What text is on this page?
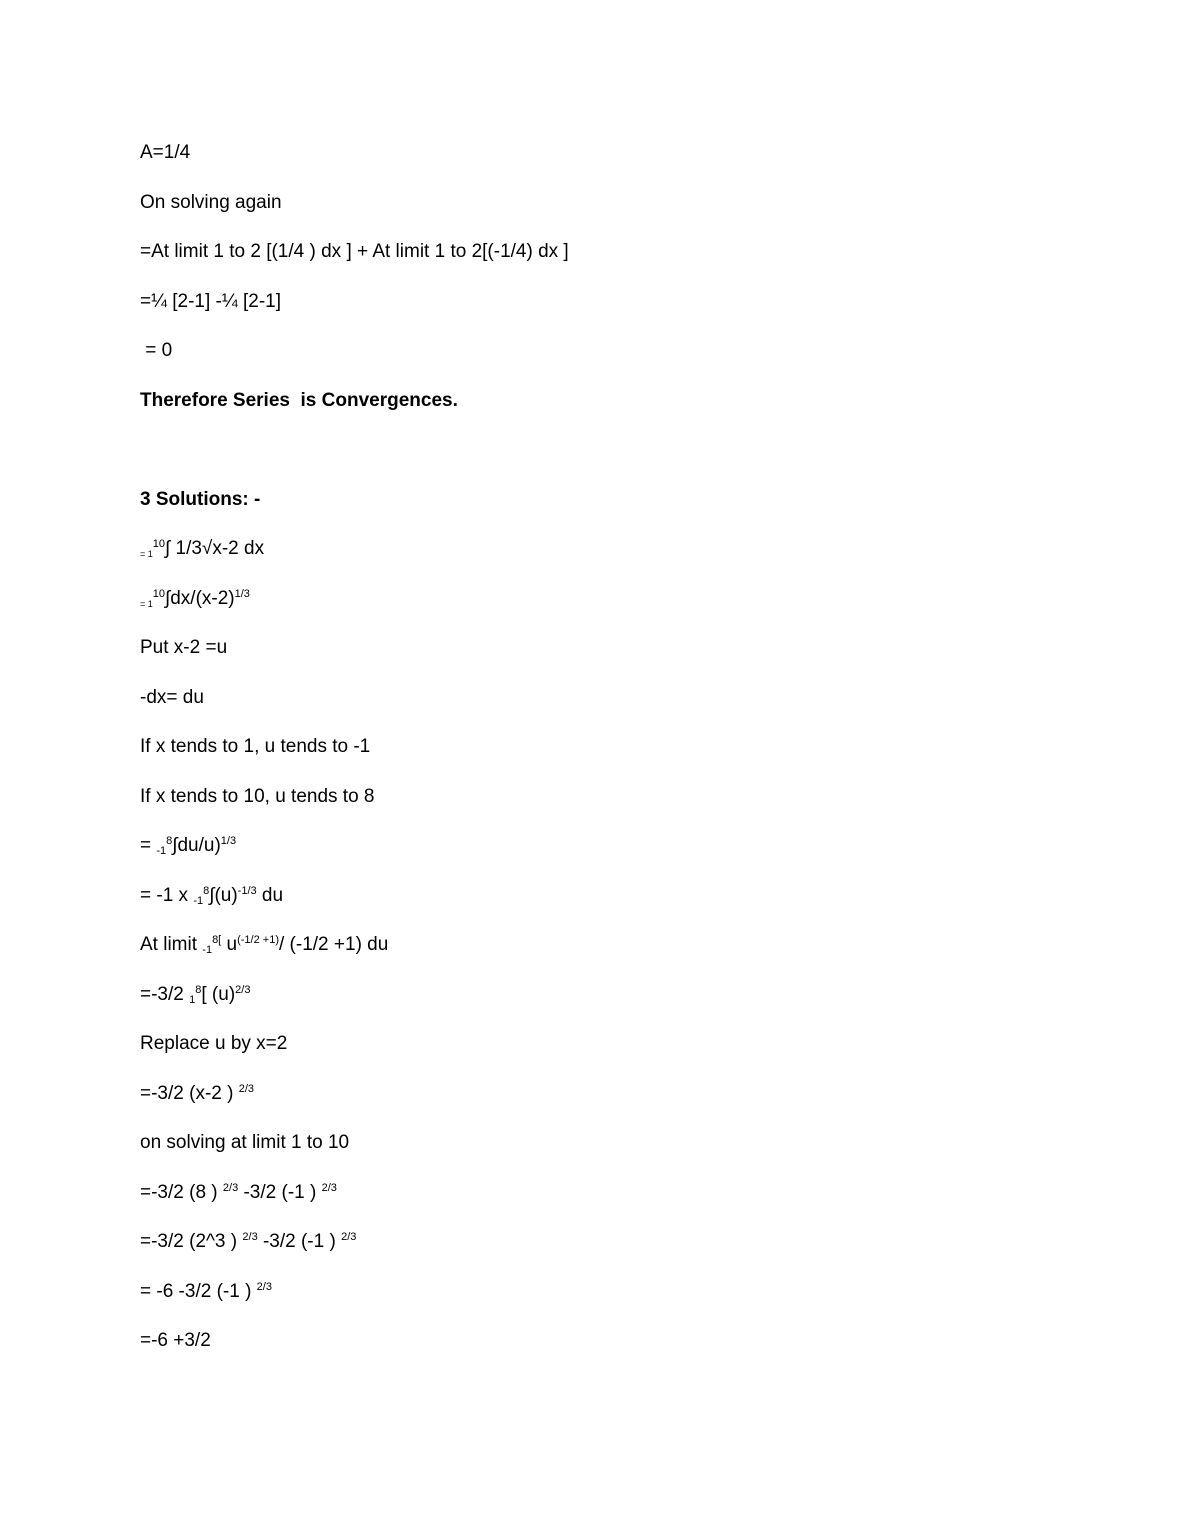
A=1/4
On solving again
=At limit 1 to 2 [(1/4 ) dx ] + At limit 1 to 2[(-1/4) dx ]
=¼ [2-1] -¼ [2-1]
= 0
Therefore Series  is Convergences.
3 Solutions: -
= $1^{10}\int$ 1/3√x-2 dx
= $1^{10}\int dx/(x-2)^{1/3}$
Put x-2 =u
-dx= du
If x tends to 1, u tends to -1
If x tends to 10, u tends to 8
= $_{-1}^8$∫du/u)$^{1/3}$
= -1 x $_{-1}^8\int(u)^{-1/3}$ du
At limit $_{-1}^{8[}$ $u^{(-1/2 +1)}/$ (-1/2 +1) du
=-3/2 $_1^8$[ $(u)^{2/3}$
Replace u by x=2
=-3/2 (x-2 ) $^{2/3}$
on solving at limit 1 to 10
=-3/2 (8 ) $^{2/3}$ -3/2 (-1 ) $^{2/3}$
=-3/2 (2^3 ) $^{2/3}$ -3/2 (-1 ) $^{2/3}$
= -6 -3/2 (-1 ) $^{2/3}$
=-6 +3/2
